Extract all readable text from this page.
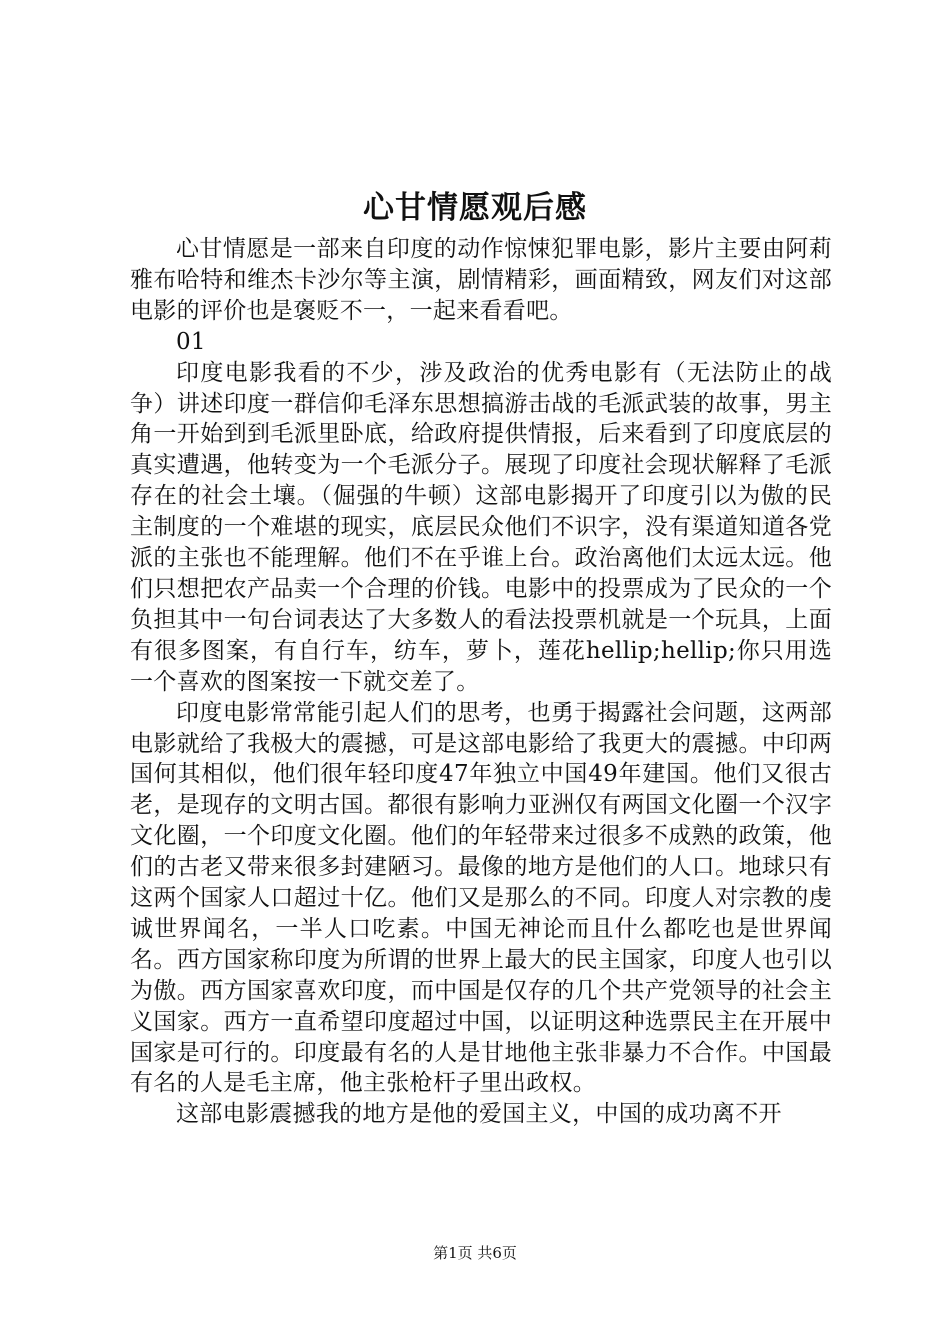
心甘情愿观后感

心甘情愿是一部来自印度的动作惊悚犯罪电影，影片主要由阿莉雅布哈特和维杰卡沙尔等主演，剧情精彩，画面精致，网友们对这部电影的评价也是褒贬不一，一起来看看吧。

01

印度电影我看的不少，涉及政治的优秀电影有（无法防止的战争）讲述印度一群信仰毛泽东思想搞游击战的毛派武装的故事，男主角一开始到到毛派里卧底，给政府提供情报，后来看到了印度底层的真实遭遇，他转变为一个毛派分子。展现了印度社会现状解释了毛派存在的社会土壤。（倔强的牛顿）这部电影揭开了印度引以为傲的民主制度的一个难堪的现实，底层民众他们不识字，没有渠道知道各党派的主张也不能理解。他们不在乎谁上台。政治离他们太远太远。他们只想把农产品卖一个合理的价钱。电影中的投票成为了民众的一个负担其中一句台词表达了大多数人的看法投票机就是一个玩具，上面有很多图案，有自行车，纺车，萝卜，莲花hellip;hellip;你只用选一个喜欢的图案按一下就交差了。

印度电影常常能引起人们的思考，也勇于揭露社会问题，这两部电影就给了我极大的震撼，可是这部电影给了我更大的震撼。中印两国何其相似，他们很年轻印度47年独立中国49年建国。他们又很古老，是现存的文明古国。都很有影响力亚洲仅有两国文化圈一个汉字文化圈，一个印度文化圈。他们的年轻带来过很多不成熟的政策，他们的古老又带来很多封建陋习。最像的地方是他们的人口。地球只有这两个国家人口超过十亿。他们又是那么的不同。印度人对宗教的虔诚世界闻名，一半人口吃素。中国无神论而且什么都吃也是世界闻名。西方国家称印度为所谓的世界上最大的民主国家，印度人也引以为傲。西方国家喜欢印度，而中国是仅存的几个共产党领导的社会主义国家。西方一直希望印度超过中国，以证明这种选票民主在开展中国家是可行的。印度最有名的人是甘地他主张非暴力不合作。中国最有名的人是毛主席，他主张枪杆子里出政权。

这部电影震撼我的地方是他的爱国主义，中国的成功离不开

第1页 共6页
